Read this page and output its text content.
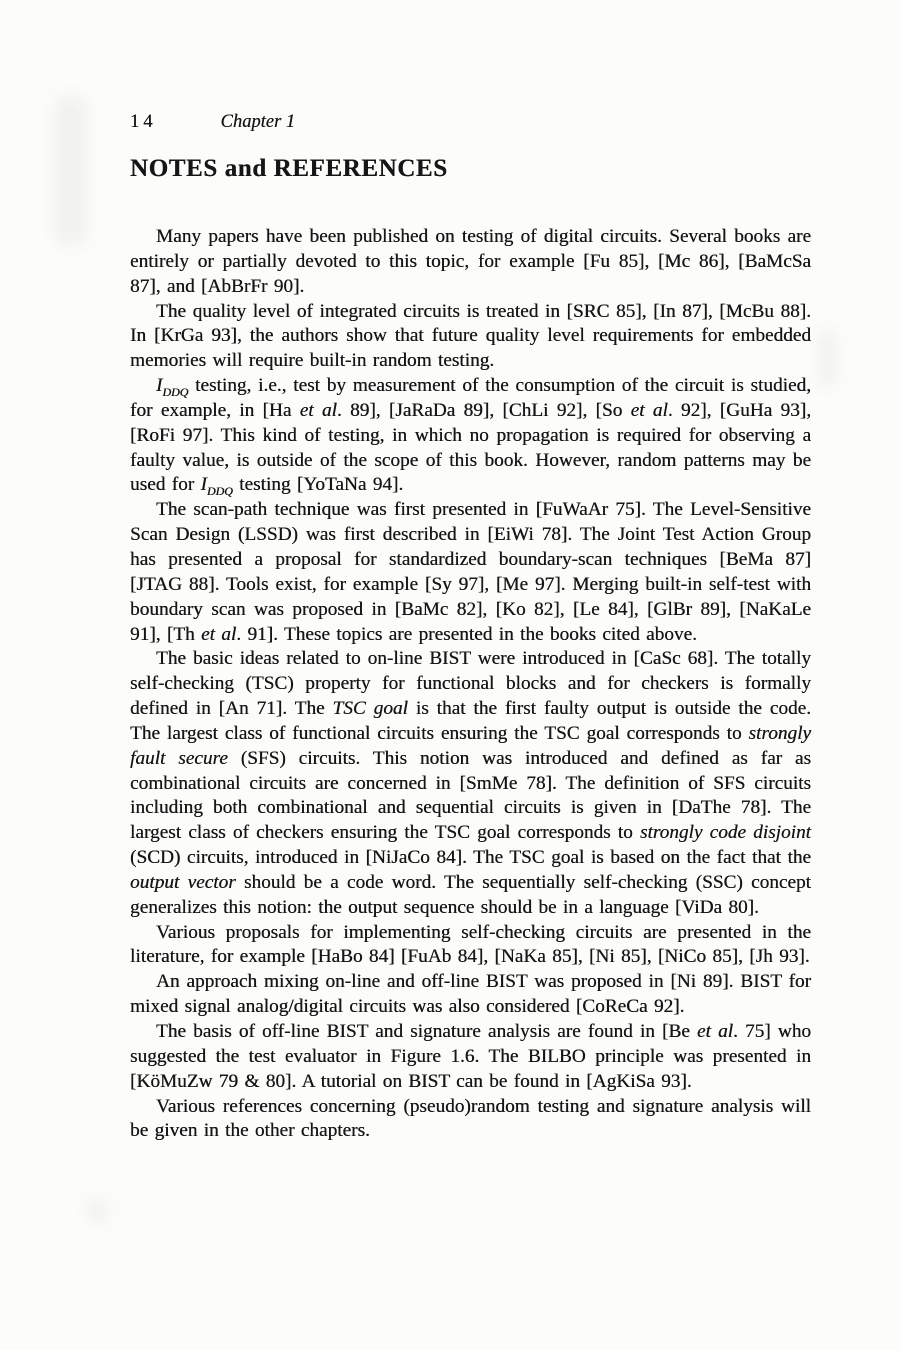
14	Chapter 1
NOTES and REFERENCES

Many papers have been published on testing of digital circuits. Several books are entirely or partially devoted to this topic, for example [Fu 85], [Mc 86], [BaMcSa 87], and [AbBrFr 90].

The quality level of integrated circuits is treated in [SRC 85], [In 87], [McBu 88]. In [KrGa 93], the authors show that future quality level requirements for embedded memories will require built-in random testing.

$I_{DDQ}$ testing, i.e., test by measurement of the consumption of the circuit is studied, for example, in [Ha et al. 89], [JaRaDa 89], [ChLi 92], [So et al. 92], [GuHa 93], [RoFi 97]. This kind of testing, in which no propagation is required for observing a faulty value, is outside of the scope of this book. However, random patterns may be used for $I_{DDQ}$ testing [YoTaNa 94].

The scan-path technique was first presented in [FuWaAr 75]. The Level-Sensitive Scan Design (LSSD) was first described in [EiWi 78]. The Joint Test Action Group has presented a proposal for standardized boundary-scan techniques [BeMa 87] [JTAG 88]. Tools exist, for example [Sy 97], [Me 97]. Merging built-in self-test with boundary scan was proposed in [BaMc 82], [Ko 82], [Le 84], [GlBr 89], [NaKaLe 91], [Th et al. 91]. These topics are presented in the books cited above.

The basic ideas related to on-line BIST were introduced in [CaSc 68]. The totally self-checking (TSC) property for functional blocks and for checkers is formally defined in [An 71]. The TSC goal is that the first faulty output is outside the code. The largest class of functional circuits ensuring the TSC goal corresponds to strongly fault secure (SFS) circuits. This notion was introduced and defined as far as combinational circuits are concerned in [SmMe 78]. The definition of SFS circuits including both combinational and sequential circuits is given in [DaThe 78]. The largest class of checkers ensuring the TSC goal corresponds to strongly code disjoint (SCD) circuits, introduced in [NiJaCo 84]. The TSC goal is based on the fact that the output vector should be a code word. The sequentially self-checking (SSC) concept generalizes this notion: the output sequence should be in a language [ViDa 80].

Various proposals for implementing self-checking circuits are presented in the literature, for example [HaBo 84] [FuAb 84], [NaKa 85], [Ni 85], [NiCo 85], [Jh 93].

An approach mixing on-line and off-line BIST was proposed in [Ni 89]. BIST for mixed signal analog/digital circuits was also considered [CoReCa 92].

The basis of off-line BIST and signature analysis are found in [Be et al. 75] who suggested the test evaluator in Figure 1.6. The BILBO principle was presented in [KöMuZw 79 & 80]. A tutorial on BIST can be found in [AgKiSa 93].

Various references concerning (pseudo)random testing and signature analysis will be given in the other chapters.
